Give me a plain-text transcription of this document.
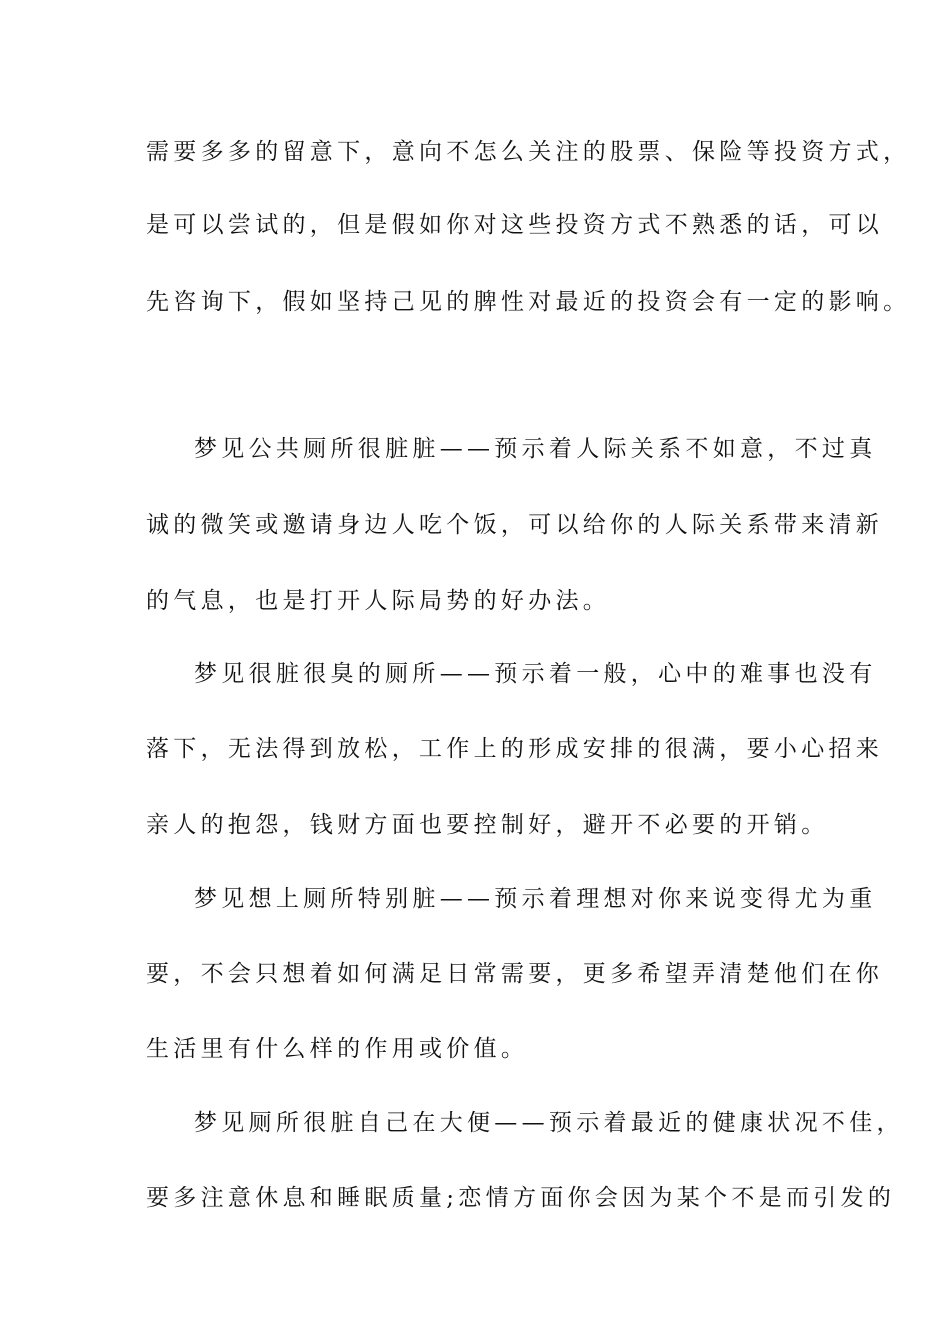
需要多多的留意下，意向不怎么关注的股票、保险等投资方式，
是可以尝试的，但是假如你对这些投资方式不熟悉的话，可以
先咨询下，假如坚持己见的脾性对最近的投资会有一定的影响。
梦见公共厕所很脏脏——预示着人际关系不如意，不过真
诚的微笑或邀请身边人吃个饭，可以给你的人际关系带来清新
的气息，也是打开人际局势的好办法。
梦见很脏很臭的厕所——预示着一般，心中的难事也没有
落下，无法得到放松，工作上的形成安排的很满，要小心招来
亲人的抱怨，钱财方面也要控制好，避开不必要的开销。
梦见想上厕所特别脏——预示着理想对你来说变得尤为重
要，不会只想着如何满足日常需要，更多希望弄清楚他们在你
生活里有什么样的作用或价值。
梦见厕所很脏自己在大便——预示着最近的健康状况不佳，
要多注意休息和睡眠质量;恋情方面你会因为某个不是而引发的
